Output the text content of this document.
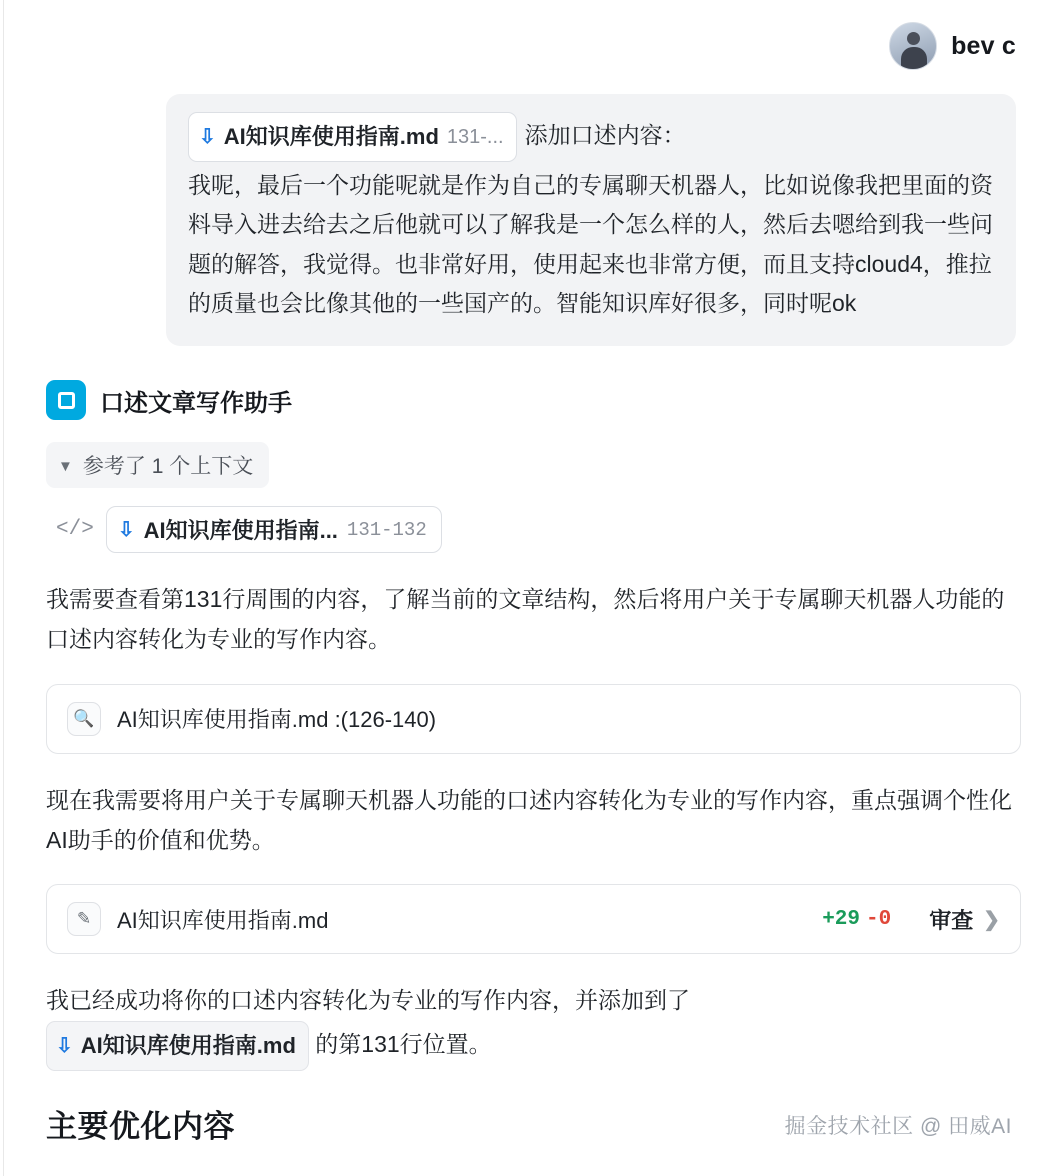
bev c
⇩ AI知识库使用指南.md 131-... 添加口述内容：
我呢，最后一个功能呢就是作为自己的专属聊天机器人，比如说像我把里面的资料导入进去给去之后他就可以了解我是一个怎么样的人，然后去嗯给到我一些问题的解答，我觉得。也非常好用，使用起来也非常方便，而且支持cloud4，推拉的质量也会比像其他的一些国产的。智能知识库好很多，同时呢ok
口述文章写作助手
▼ 参考了 1 个上下文
</> ⇩ AI知识库使用指南... 131-132

我需要查看第131行周围的内容，了解当前的文章结构，然后将用户关于专属聊天机器人功能的口述内容转化为专业的写作内容。

🔍 AI知识库使用指南.md :(126-140)

现在我需要将用户关于专属聊天机器人功能的口述内容转化为专业的写作内容，重点强调个性化AI助手的价值和优势。

✎	AI知识库使用指南.md	+29 -0 审查 ❯

我已经成功将你的口述内容转化为专业的写作内容，并添加到了

⇩ AI知识库使用指南.md 的第131行位置。

主要优化内容	掘金技术社区 @ 田威AI
